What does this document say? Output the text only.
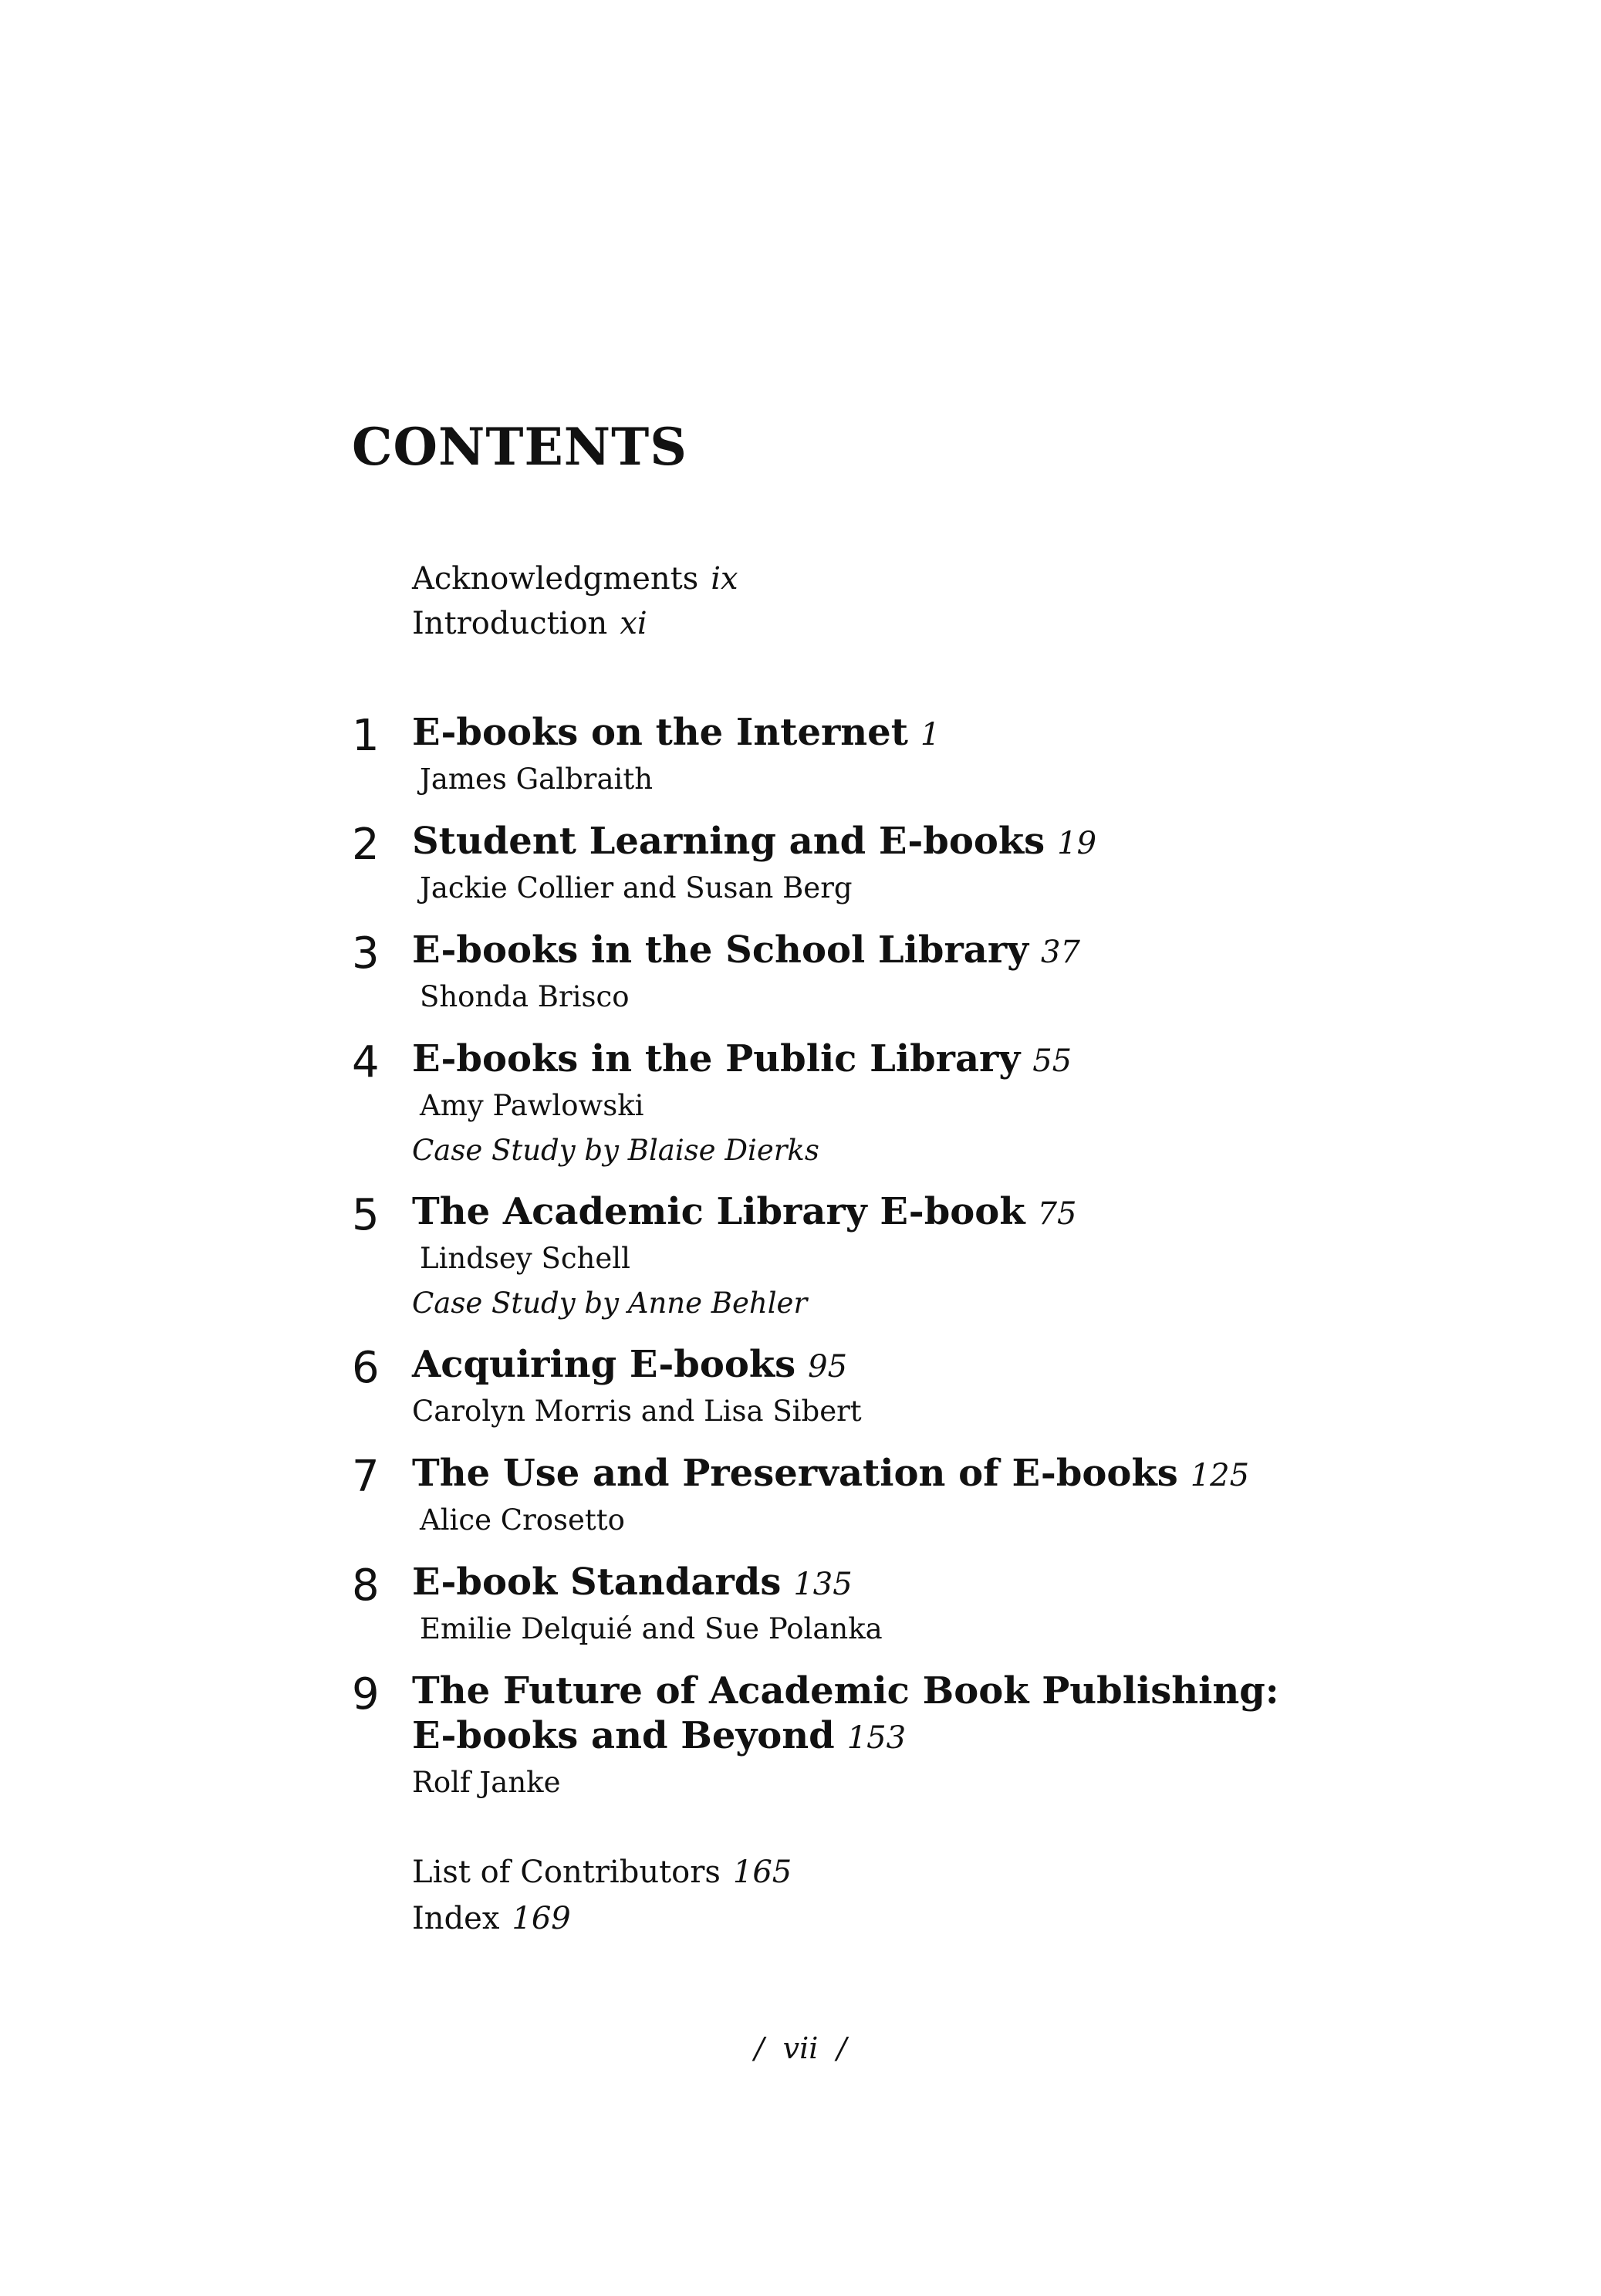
CONTENTS
Acknowledgments ix
Introduction xi
1 E-books on the Internet 1
James Galbraith
2 Student Learning and E-books 19
Jackie Collier and Susan Berg
3 E-books in the School Library 37
Shonda Brisco
4 E-books in the Public Library 55
Amy Pawlowski
Case Study by Blaise Dierks
5 The Academic Library E-book 75
Lindsey Schell
Case Study by Anne Behler
6 Acquiring E-books 95
Carolyn Morris and Lisa Sibert
7 The Use and Preservation of E-books 125
Alice Crosetto
8 E-book Standards 135
Emilie Delquié and Sue Polanka
9 The Future of Academic Book Publishing:
E-books and Beyond 153
Rolf Janke
List of Contributors 165
Index 169
/  vii  /
